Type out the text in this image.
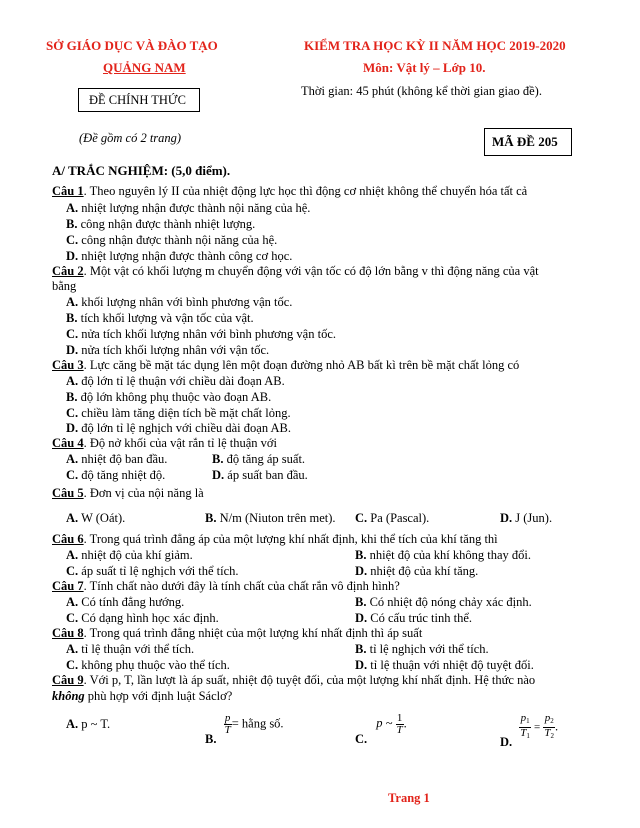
SỞ GIÁO DỤC VÀ ĐÀO TẠO
QUẢNG NAM
ĐỀ CHÍNH THỨC
(Đề gồm có 2 trang)
KIỂM TRA HỌC KỲ II NĂM HỌC 2019-2020
Môn: Vật lý – Lớp 10.
Thời gian: 45 phút (không kể thời gian giao đề).
MÃ ĐỀ 205
A/ TRẮC NGHIỆM: (5,0 điểm).
Câu 1. Theo nguyên lý II của nhiệt động lực học thì động cơ nhiệt không thể chuyển hóa tất cả
A. nhiệt lượng nhận được thành nội năng của hệ.
B. công nhận được thành nhiệt lượng.
C. công nhận được thành nội năng của hệ.
D. nhiệt lượng nhận được thành công cơ học.
Câu 2. Một vật có khối lượng m chuyển động với vận tốc có độ lớn bằng v thì động năng của vật
bằng
A. khối lượng nhân với bình phương vận tốc.
B. tích khối lượng và vận tốc của vật.
C. nửa tích khối lượng nhân với bình phương vận tốc.
D. nửa tích khối lượng nhân với vận tốc.
Câu 3. Lực căng bề mặt tác dụng lên một đoạn đường nhỏ AB bất kì trên bề mặt chất lỏng có
A. độ lớn tỉ lệ thuận với chiều dài đoạn AB.
B. độ lớn không phụ thuộc vào đoạn AB.
C. chiều làm tăng diện tích bề mặt chất lỏng.
D. độ lớn tỉ lệ nghịch với chiều dài đoạn AB.
Câu 4. Độ nở khối của vật rắn tỉ lệ thuận với
A. nhiệt độ ban đầu.	B. độ tăng áp suất.
C. độ tăng nhiệt độ.	D. áp suất ban đầu.
Câu 5. Đơn vị của nội năng là
A. W (Oát).	B. N/m (Niuton trên met). C. Pa (Pascal).	D. J (Jun).
Câu 6. Trong quá trình đẳng áp của một lượng khí nhất định, khi thể tích của khí tăng thì
A. nhiệt độ của khí giảm.	B. nhiệt độ của khí không thay đổi.
C. áp suất tỉ lệ nghịch với thể tích.	D. nhiệt độ của khí tăng.
Câu 7. Tính chất nào dưới đây là tính chất của chất rắn vô định hình?
A. Có tính đẳng hướng.	B. Có nhiệt độ nóng chảy xác định.
C. Có dạng hình học xác định.	D. Có cấu trúc tinh thể.
Câu 8. Trong quá trình đẳng nhiệt của một lượng khí nhất định thì áp suất
A. tỉ lệ thuận với thể tích.	B. tỉ lệ nghịch với thể tích.
C. không phụ thuộc vào thể tích.	D. tỉ lệ thuận với nhiệt độ tuyệt đối.
Câu 9. Với p, T, lần lượt là áp suất, nhiệt độ tuyệt đối, của một lượng khí nhất định. Hệ thức nào
không phù hợp với định luật Sáclơ?
A. p ~ T.
B.
$\frac{p}{T}$ = hằng số.
C. p ~ $\frac{1}{T}$ .
D.
$\frac{p_1}{T_1} = \frac{p_2}{T_2}$ .
Trang 1
